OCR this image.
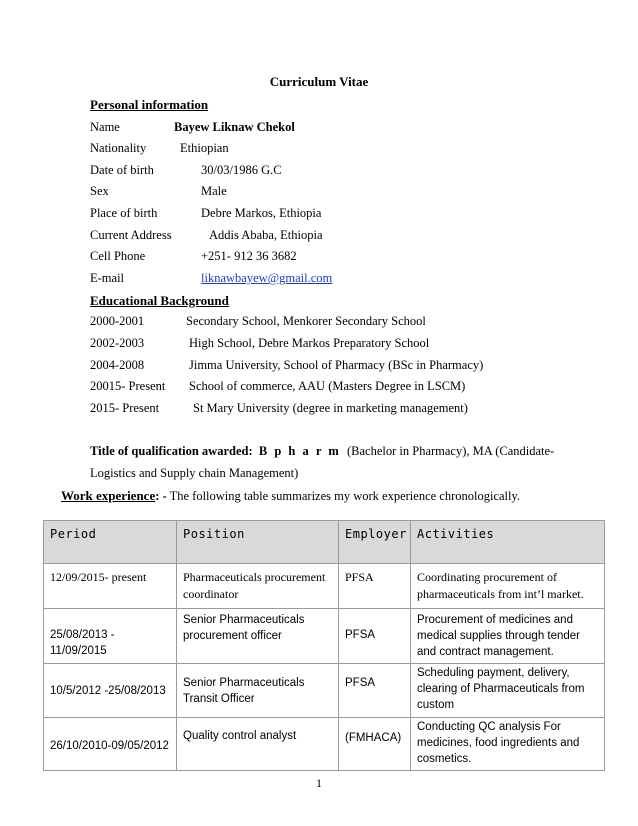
Curriculum Vitae
Personal information
Name	Bayew Liknaw Chekol
Nationality	Ethiopian
Date of birth	30/03/1986 G.C
Sex	Male
Place of birth	Debre Markos, Ethiopia
Current Address	Addis Ababa, Ethiopia
Cell Phone	+251- 912 36 3682
E-mail	liknawbayew@gmail.com
Educational Background
2000-2001	Secondary School, Menkorer Secondary School
2002-2003	High School, Debre Markos Preparatory School
2004-2008	Jimma University, School of Pharmacy (BSc in Pharmacy)
20015- Present School of commerce, AAU (Masters Degree in LSCM)
2015- Present	St Mary University (degree in marketing management)
Title of qualification awarded: B p h a r m (Bachelor in Pharmacy), MA (Candidate-Logistics and Supply chain Management)
Work experience: - The following table summarizes my work experience chronologically.
Period	Position	Employer	Activities
12/09/2015- present	Pharmaceuticals procurement coordinator	PFSA	Coordinating procurement of pharmaceuticals from int’l market.
25/08/2013 - 11/09/2015	Senior Pharmaceuticals procurement officer	PFSA	Procurement of medicines and medical supplies through tender and contract management.
10/5/2012 -25/08/2013	Senior Pharmaceuticals Transit Officer	PFSA	Scheduling payment, delivery, clearing of Pharmaceuticals from custom
26/10/2010-09/05/2012	Quality control analyst	(FMHACA)	Conducting QC analysis For medicines, food ingredients and cosmetics.
1
